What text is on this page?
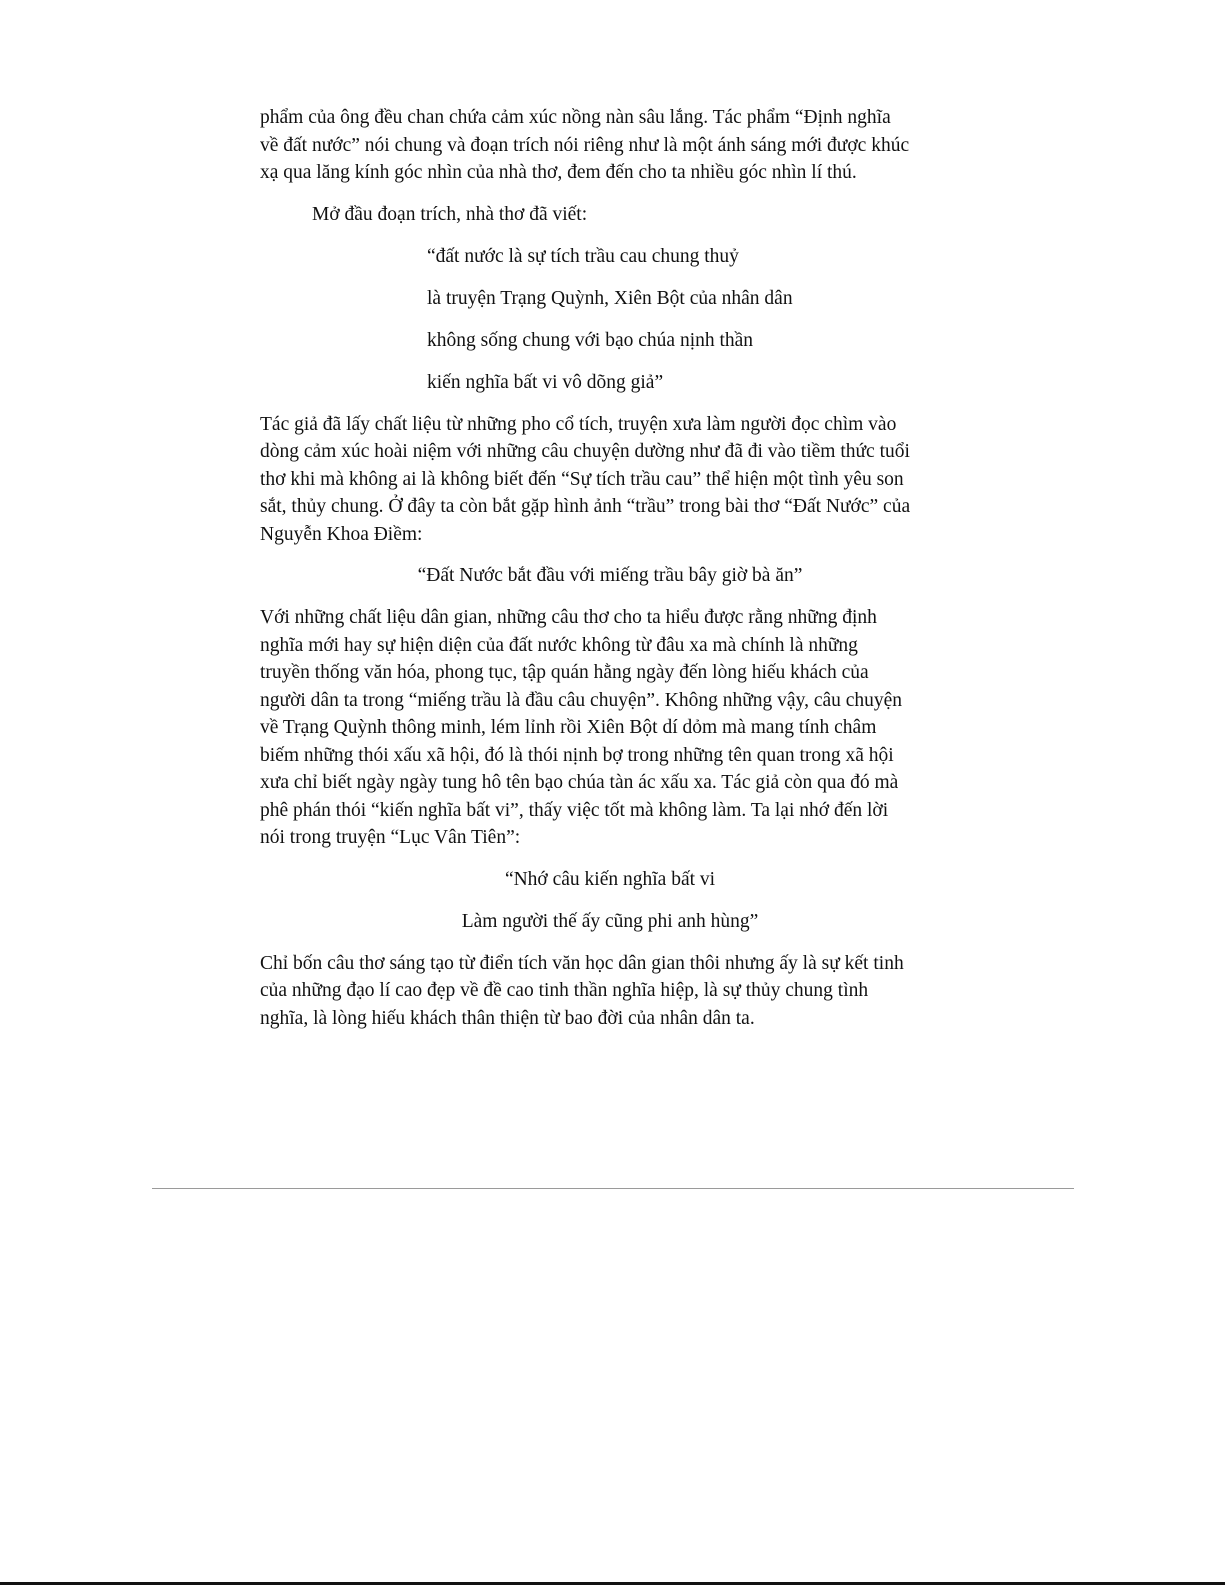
phẩm của ông đều chan chứa cảm xúc nồng nàn sâu lắng. Tác phẩm “Định nghĩa
về đất nước” nói chung và đoạn trích nói riêng như là một ánh sáng mới được khúc
xạ qua lăng kính góc nhìn của nhà thơ, đem đến cho ta nhiều góc nhìn lí thú.

Mở đầu đoạn trích, nhà thơ đã viết:

“đất nước là sự tích trầu cau chung thuỷ
là truyện Trạng Quỳnh, Xiên Bột của nhân dân
không sống chung với bạo chúa nịnh thần
kiến nghĩa bất vi vô dõng giả”

Tác giả đã lấy chất liệu từ những pho cổ tích, truyện xưa làm người đọc chìm vào
dòng cảm xúc hoài niệm với những câu chuyện dường như đã đi vào tiềm thức tuổi
thơ khi mà không ai là không biết đến “Sự tích trầu cau” thể hiện một tình yêu son
sắt, thủy chung. Ở đây ta còn bắt gặp hình ảnh “trầu” trong bài thơ “Đất Nước” của
Nguyễn Khoa Điềm:

“Đất Nước bắt đầu với miếng trầu bây giờ bà ăn”

Với những chất liệu dân gian, những câu thơ cho ta hiểu được rằng những định
nghĩa mới hay sự hiện diện của đất nước không từ đâu xa mà chính là những
truyền thống văn hóa, phong tục, tập quán hằng ngày đến lòng hiếu khách của
người dân ta trong “miếng trầu là đầu câu chuyện”. Không những vậy, câu chuyện
về Trạng Quỳnh thông minh, lém lỉnh rồi Xiên Bột dí dỏm mà mang tính châm
biếm những thói xấu xã hội, đó là thói nịnh bợ trong những tên quan trong xã hội
xưa chỉ biết ngày ngày tung hô tên bạo chúa tàn ác xấu xa. Tác giả còn qua đó mà
phê phán thói “kiến nghĩa bất vi”, thấy việc tốt mà không làm. Ta lại nhớ đến lời
nói trong truyện “Lục Vân Tiên”:

“Nhớ câu kiến nghĩa bất vi
Làm người thế ấy cũng phi anh hùng”

Chỉ bốn câu thơ sáng tạo từ điển tích văn học dân gian thôi nhưng ấy là sự kết tinh
của những đạo lí cao đẹp về đề cao tinh thần nghĩa hiệp, là sự thủy chung tình
nghĩa, là lòng hiếu khách thân thiện từ bao đời của nhân dân ta.
